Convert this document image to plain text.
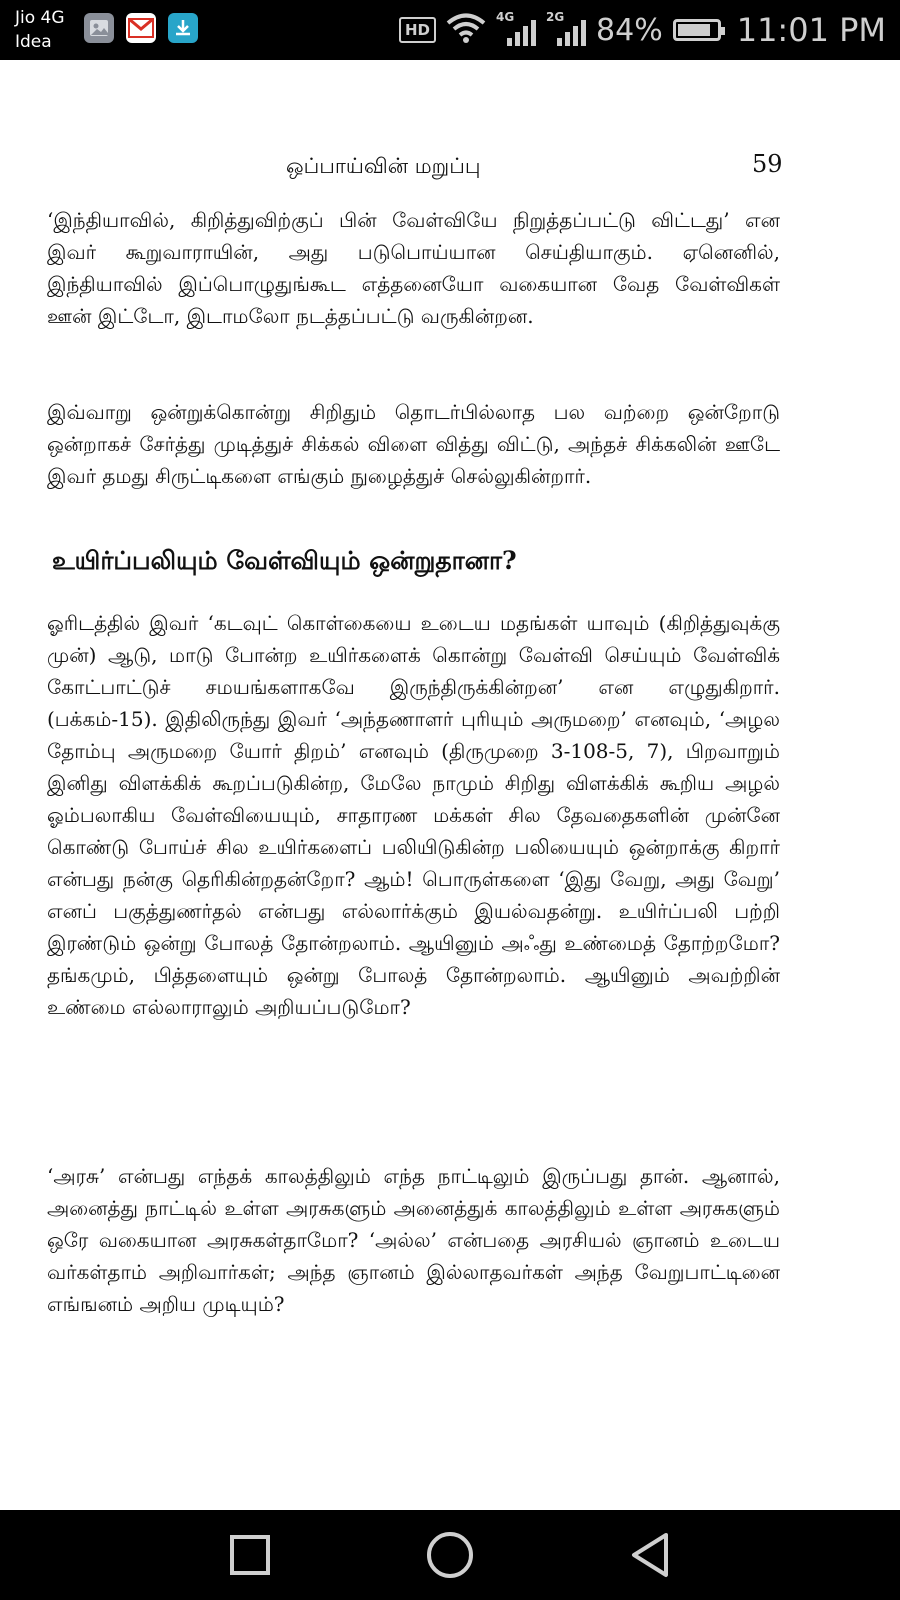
Jio 4G
Idea
HD
4G	2G 84% 11:01 PM
ஒப்பாய்வின் மறுப்பு	59

‘இந்தியாவில், கிறித்துவிற்குப் பின் வேள்வியே நிறுத்தப்பட்டு விட்டது’ என இவர் கூறுவாராயின், அது படுபொய்யான செய்தியாகும். ஏனெனில், இந்தியாவில் இப்பொழுதுங்கூட எத்தனையோ வகையான வேத வேள்விகள் ஊன் இட்டோ, இடாமலோ நடத்தப்பட்டு வருகின்றன.

இவ்வாறு ஒன்றுக்கொன்று சிறிதும் தொடர்பில்லாத பல வற்றை ஒன்றோடு ஒன்றாகச் சேர்த்து முடித்துச் சிக்கல் விளை வித்து விட்டு, அந்தச் சிக்கலின் ஊடே இவர் தமது சிருட்டிகளை எங்கும் நுழைத்துச் செல்லுகின்றார்.

உயிர்ப்பலியும் வேள்வியும் ஒன்றுதானா?

ஓரிடத்தில் இவர் ‘கடவுட் கொள்கையை உடைய மதங்கள் யாவும் (கிறித்துவுக்கு முன்) ஆடு, மாடு போன்ற உயிர்களைக் கொன்று வேள்வி செய்யும் வேள்விக் கோட்பாட்டுச் சமயங்களாகவே இருந்திருக்கின்றன’ என எழுதுகிறார். (பக்கம்-15). இதிலிருந்து இவர் ‘அந்தணாளர் புரியும் அருமறை’ எனவும், ‘அழல தோம்பு அருமறை யோர் திறம்’ எனவும் (திருமுறை 3-108-5, 7), பிறவாறும் இனிது விளக்கிக் கூறப்படுகின்ற, மேலே நாமும் சிறிது விளக்கிக் கூறிய அழல் ஓம்பலாகிய வேள்வியையும், சாதாரண மக்கள் சில தேவதைகளின் முன்னே கொண்டு போய்ச் சில உயிர்களைப் பலியிடுகின்ற பலியையும் ஒன்றாக்கு கிறார் என்பது நன்கு தெரிகின்றதன்றோ? ஆம்! பொருள்களை ‘இது வேறு, அது வேறு’ எனப் பகுத்துணர்தல் என்பது எல்லார்க்கும் இயல்வதன்று. உயிர்ப்பலி பற்றி இரண்டும் ஒன்று போலத் தோன்றலாம். ஆயினும் அஃது உண்மைத் தோற்றமோ? தங்கமும், பித்தளையும் ஒன்று போலத் தோன்றலாம். ஆயினும் அவற்றின் உண்மை எல்லாராலும் அறியப்படுமோ?

‘அரசு’ என்பது எந்தக் காலத்திலும் எந்த நாட்டிலும் இருப்பது தான். ஆனால், அனைத்து நாட்டில் உள்ள அரசுகளும் அனைத்துக் காலத்திலும் உள்ள அரசுகளும் ஒரே வகையான அரசுகள்தாமோ? ‘அல்ல’ என்பதை அரசியல் ஞானம் உடைய வர்கள்தாம் அறிவார்கள்; அந்த ஞானம் இல்லாதவர்கள் அந்த வேறுபாட்டினை எங்ஙனம் அறிய முடியும்?
